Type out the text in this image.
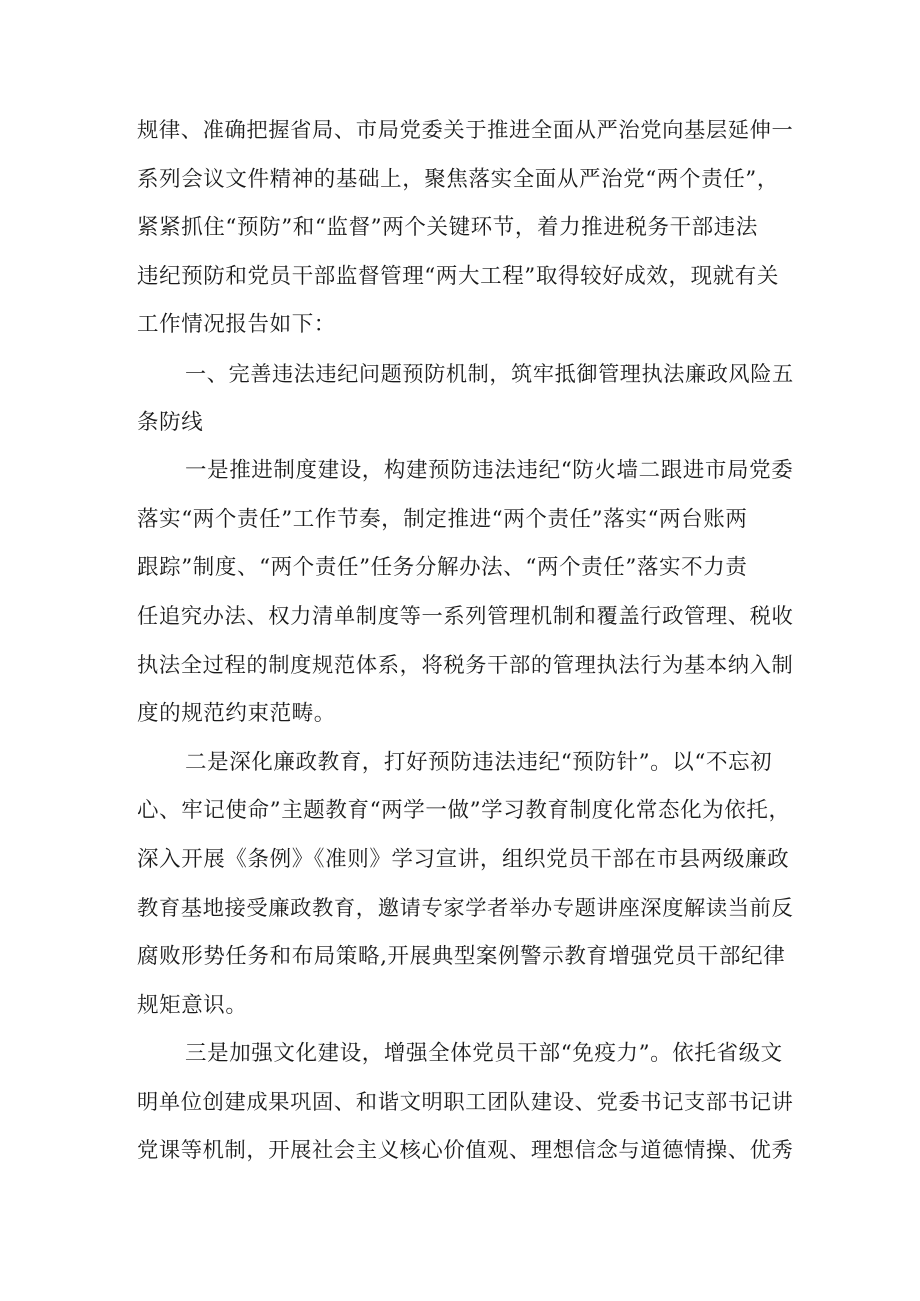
规律、准确把握省局、市局党委关于推进全面从严治党向基层延伸一
系列会议文件精神的基础上，聚焦落实全面从严治党“两个责任”，
紧紧抓住“预防”和“监督”两个关键环节，着力推进税务干部违法
违纪预防和党员干部监督管理“两大工程”取得较好成效，现就有关
工作情况报告如下：
一、完善违法违纪问题预防机制，筑牢抵御管理执法廉政风险五
条防线
一是推进制度建设，构建预防违法违纪“防火墙二跟进市局党委
落实“两个责任”工作节奏，制定推进“两个责任”落实“两台账两
跟踪”制度、“两个责任”任务分解办法、“两个责任”落实不力责
任追究办法、权力清单制度等一系列管理机制和覆盖行政管理、税收
执法全过程的制度规范体系，将税务干部的管理执法行为基本纳入制
度的规范约束范畴。
二是深化廉政教育，打好预防违法违纪“预防针”。以“不忘初
心、牢记使命”主题教育“两学一做”学习教育制度化常态化为依托，
深入开展《条例》《准则》学习宣讲，组织党员干部在市县两级廉政
教育基地接受廉政教育，邀请专家学者举办专题讲座深度解读当前反
腐败形势任务和布局策略,开展典型案例警示教育增强党员干部纪律
规矩意识。
三是加强文化建设，增强全体党员干部“免疫力”。依托省级文
明单位创建成果巩固、和谐文明职工团队建设、党委书记支部书记讲
党课等机制，开展社会主义核心价值观、理想信念与道德情操、优秀
